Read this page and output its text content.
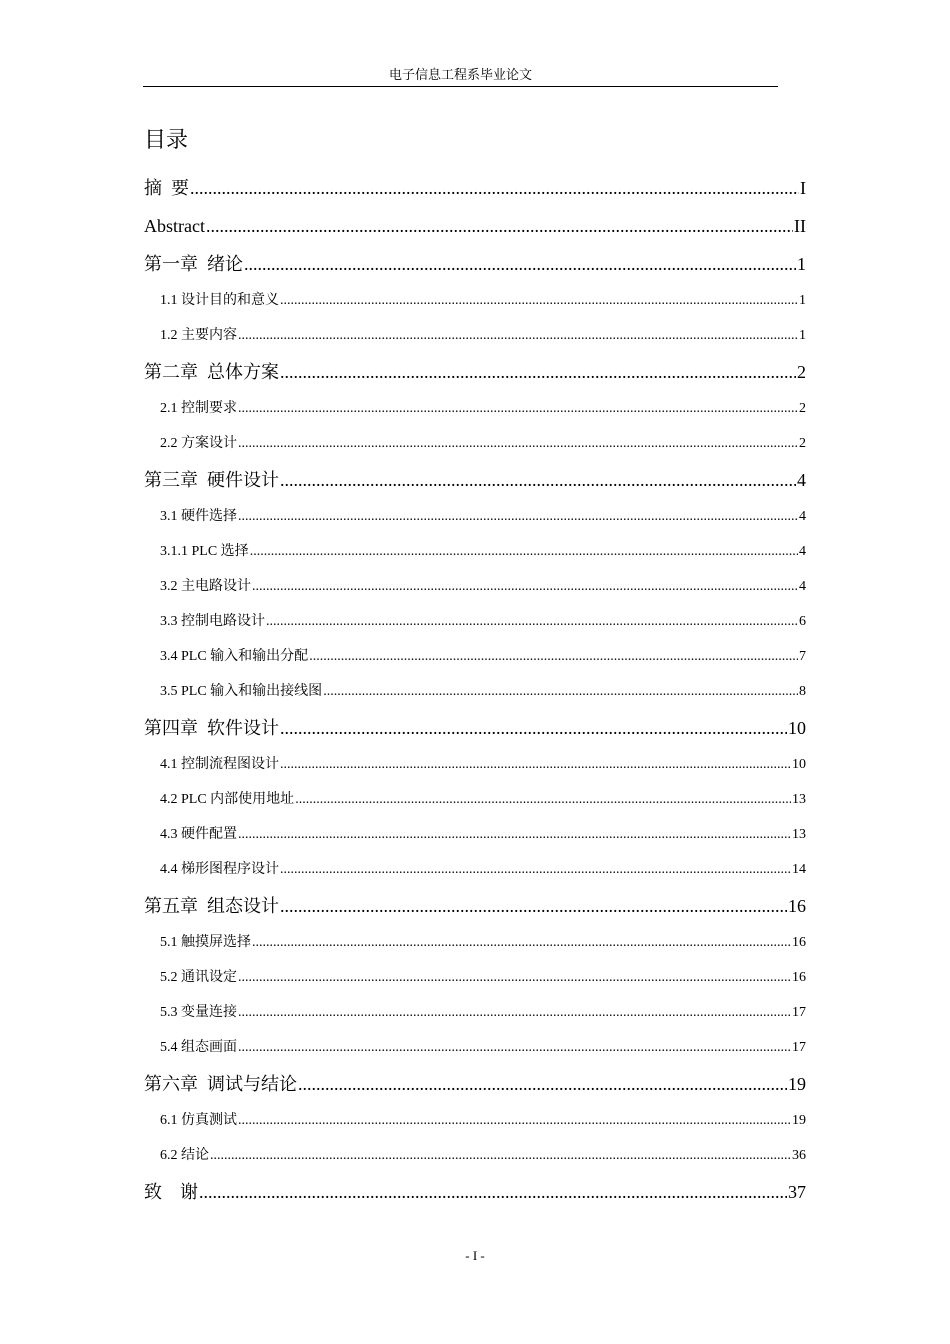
电子信息工程系毕业论文
目录
摘  要 .....	I
Abstract .....	II
第一章  绪论 .....	1
1.1 设计目的和意义 .....	1
1.2 主要内容 .....	1
第二章  总体方案 .....	2
2.1 控制要求 .....	2
2.2 方案设计 .....	2
第三章  硬件设计 .....	4
3.1 硬件选择 .....	4
3.1.1 PLC 选择 .....	4
3.2 主电路设计 .....	4
3.3 控制电路设计 .....	6
3.4 PLC 输入和输出分配 .....	7
3.5 PLC 输入和输出接线图 .....	8
第四章  软件设计 .....	10
4.1 控制流程图设计 .....	10
4.2 PLC 内部使用地址 .....	13
4.3 硬件配置 .....	13
4.4 梯形图程序设计 .....	14
第五章  组态设计 .....	16
5.1 触摸屏选择 .....	16
5.2 通讯设定 .....	16
5.3 变量连接 .....	17
5.4 组态画面 .....	17
第六章  调试与结论 .....	19
6.1 仿真测试 .....	19
6.2 结论 .....	36
致    谢 .....	37
- I -
